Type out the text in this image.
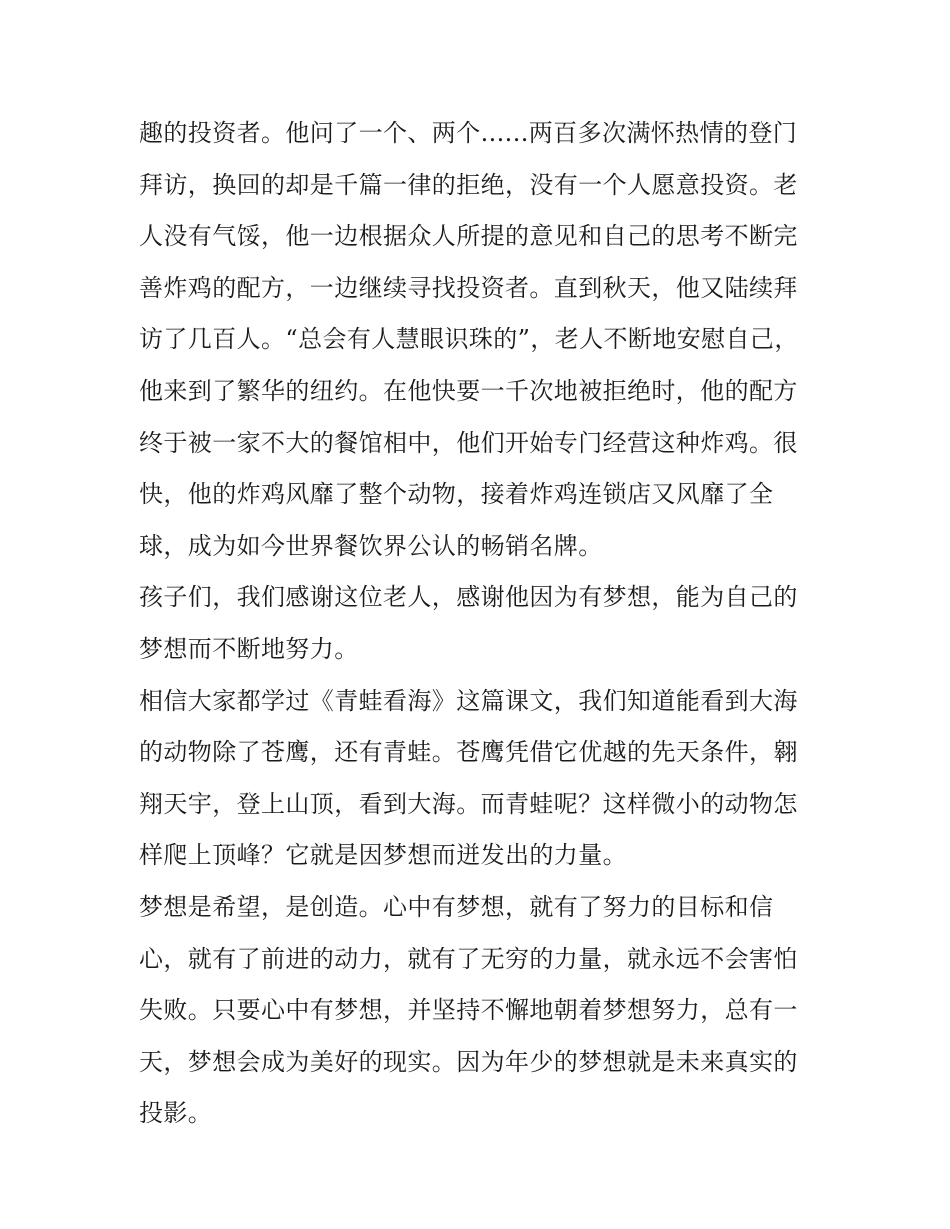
趣的投资者。他问了一个、两个......两百多次满怀热情的登门
拜访，换回的却是千篇一律的拒绝，没有一个人愿意投资。老
人没有气馁，他一边根据众人所提的意见和自己的思考不断完
善炸鸡的配方，一边继续寻找投资者。直到秋天，他又陆续拜
访了几百人。“总会有人慧眼识珠的”，老人不断地安慰自己，
他来到了繁华的纽约。在他快要一千次地被拒绝时，他的配方
终于被一家不大的餐馆相中，他们开始专门经营这种炸鸡。很
快，他的炸鸡风靡了整个动物，接着炸鸡连锁店又风靡了全
球，成为如今世界餐饮界公认的畅销名牌。
孩子们，我们感谢这位老人，感谢他因为有梦想，能为自己的
梦想而不断地努力。
相信大家都学过《青蛙看海》这篇课文，我们知道能看到大海
的动物除了苍鹰，还有青蛙。苍鹰凭借它优越的先天条件，翱
翔天宇，登上山顶，看到大海。而青蛙呢？这样微小的动物怎
样爬上顶峰？它就是因梦想而迸发出的力量。
梦想是希望，是创造。心中有梦想，就有了努力的目标和信
心，就有了前进的动力，就有了无穷的力量，就永远不会害怕
失败。只要心中有梦想，并坚持不懈地朝着梦想努力，总有一
天，梦想会成为美好的现实。因为年少的梦想就是未来真实的
投影。
